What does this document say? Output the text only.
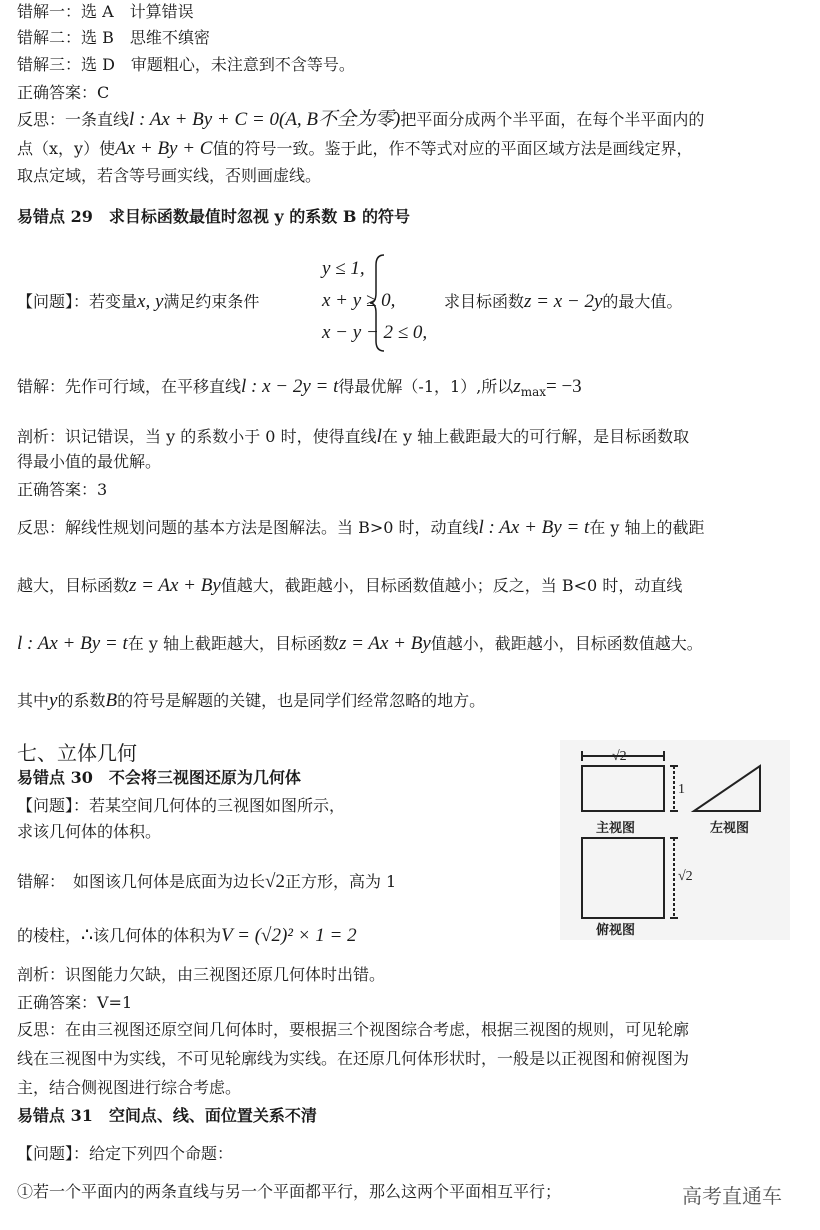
错解一：选 A　计算错误
错解二：选 B　思维不缜密
错解三：选 D　审题粗心，未注意到不含等号。
正确答案：C
反思：一条直线l : Ax + By + C = 0(A, B不全为零)把平面分成两个半平面，在每个半平面内的
点（x，y）使Ax + By + C值的符号一致。鉴于此，作不等式对应的平面区域方法是画线定界，
取点定域，若含等号画实线，否则画虚线。
易错点 29　求目标函数最值时忽视 y 的系数 B 的符号
【问题】：若变量x, y满足约束条件
y ≤ 1,
x + y ≥ 0,
x − y − 2 ≤ 0,
求目标函数z = x − 2y的最大值。
错解：先作可行域，在平移直线l : x − 2y = t得最优解（-1，1）,所以$z_{max}= -3$
剖析：识记错误，当 y 的系数小于 0 时，使得直线l在 y 轴上截距最大的可行解，是目标函数取
得最小值的最优解。
正确答案：3
反思：解线性规划问题的基本方法是图解法。当 B>0 时，动直线l : Ax + By = t在 y 轴上的截距
越大，目标函数z = Ax + By值越大，截距越小，目标函数值越小；反之，当 B<0 时，动直线
l : Ax + By = t在 y 轴上截距越大，目标函数z = Ax + By值越小，截距越小，目标函数值越大。
其中y的系数B的符号是解题的关键，也是同学们经常忽略的地方。
七、立体几何
易错点 30　不会将三视图还原为几何体
【问题】：若某空间几何体的三视图如图所示，
求该几何体的体积。
错解：　如图该几何体是底面为边长√2正方形，高为 1
的棱柱，∴该几何体的体积为V = (√2)² × 1 = 2
剖析：识图能力欠缺，由三视图还原几何体时出错。
正确答案：V=1
反思：在由三视图还原空间几何体时，要根据三个视图综合考虑，根据三视图的规则，可见轮廓
线在三视图中为实线，不可见轮廓线为实线。在还原几何体形状时，一般是以正视图和俯视图为
主，结合侧视图进行综合考虑。
易错点 31　空间点、线、面位置关系不清
【问题】：给定下列四个命题：
①若一个平面内的两条直线与另一个平面都平行，那么这两个平面相互平行；
√2
1
√2
主视图	左视图
俯视图
高考直通车
